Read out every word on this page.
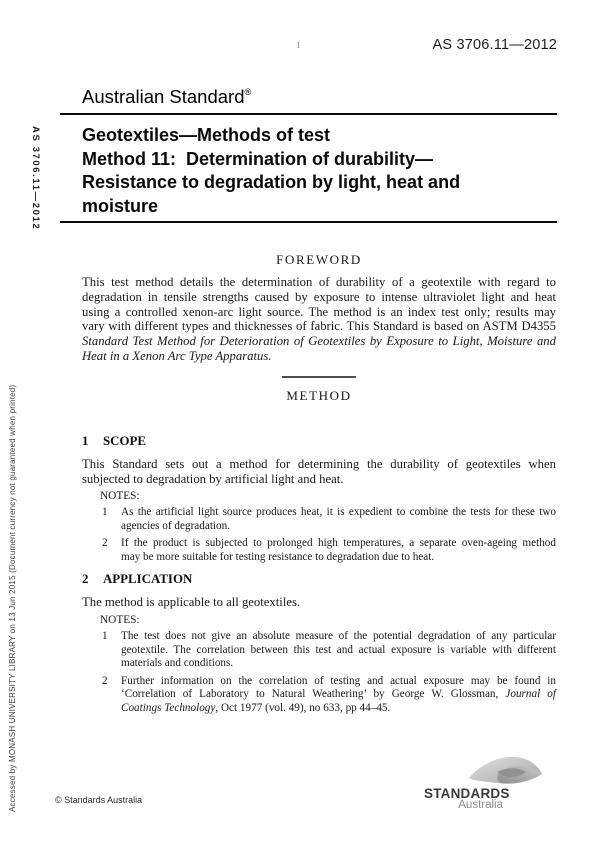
1	AS 3706.11—2012
AS 3706.11—2012
Accessed by MONASH UNIVERSITY LIBRARY on 13 Jun 2015 (Document currency not guaranteed when printed)
Australian Standard®
Geotextiles—Methods of test
Method 11:  Determination of durability—
Resistance to degradation by light, heat and
moisture
FOREWORD
This test method details the determination of durability of a geotextile with regard to
degradation in tensile strengths caused by exposure to intense ultraviolet light and heat
using a controlled xenon-arc light source. The method is an index test only; results may
vary with different types and thicknesses of fabric. This Standard is based on ASTM D4355
Standard Test Method for Deterioration of Geotextiles by Exposure to Light, Moisture and
Heat in a Xenon Arc Type Apparatus.
METHOD
1 SCOPE
This Standard sets out a method for determining the durability of geotextiles when
subjected to degradation by artificial light and heat.
NOTES:
1	As the artificial light source produces heat, it is expedient to combine the tests for these two
agencies of degradation.
2	If the product is subjected to prolonged high temperatures, a separate oven-ageing method
may be more suitable for testing resistance to degradation due to heat.
2 APPLICATION
The method is applicable to all geotextiles.
NOTES:
1	The test does not give an absolute measure of the potential degradation of any particular
geotextile. The correlation between this test and actual exposure is variable with different
materials and conditions.
2	Further information on the correlation of testing and actual exposure may be found in
‘Correlation of Laboratory to Natural Weathering’ by George W. Glossman, Journal of
Coatings Technology, Oct 1977 (vol. 49), no 633, pp 44–45.
© Standards Australia	STANDARDS
Australia
